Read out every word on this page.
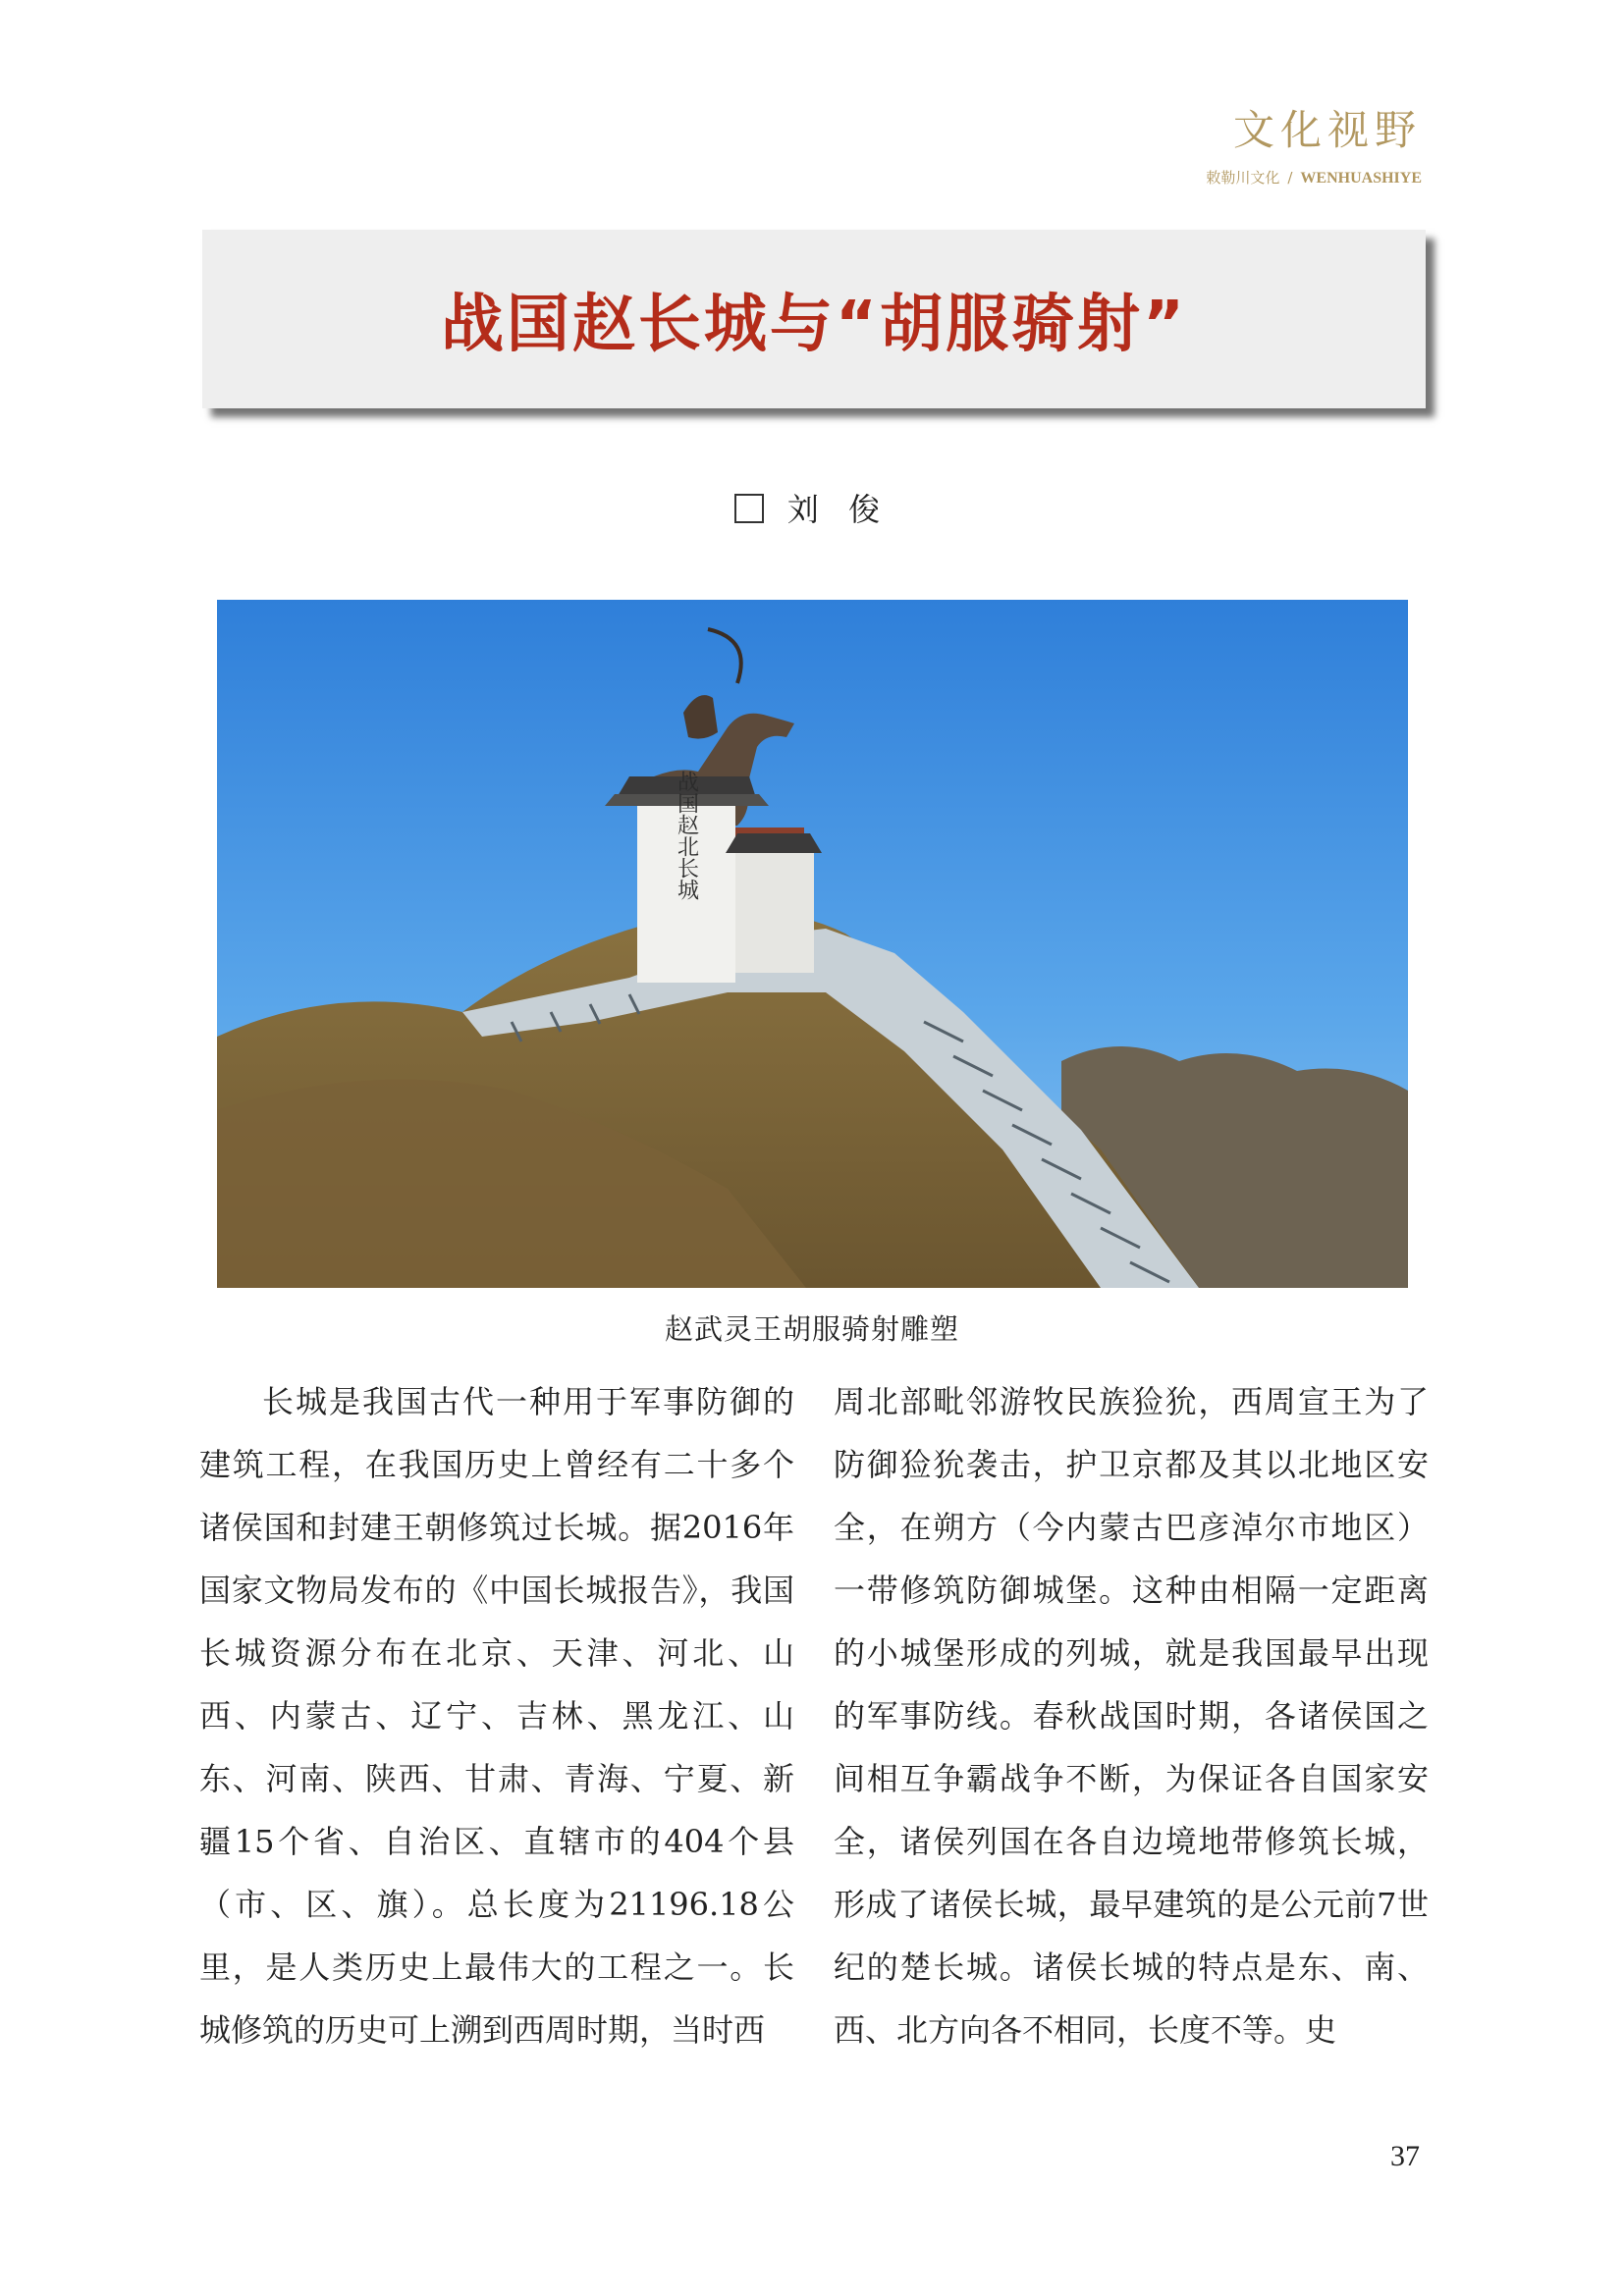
文化视野
敕勒川文化 / WENHUASHIYE
战国赵长城与“胡服骑射”
刘 俊
战国赵北长城
赵武灵王胡服骑射雕塑

长城是我国古代一种用于军事防御的建筑工程，在我国历史上曾经有二十多个诸侯国和封建王朝修筑过长城。据2016年国家文物局发布的《中国长城报告》，我国长城资源分布在北京、天津、河北、山西、内蒙古、辽宁、吉林、黑龙江、山东、河南、陕西、甘肃、青海、宁夏、新疆15个省、自治区、直辖市的404个县（市、区、旗）。总长度为21196.18公里，是人类历史上最伟大的工程之一。长城修筑的历史可上溯到西周时期，当时西

周北部毗邻游牧民族猃狁，西周宣王为了防御猃狁袭击，护卫京都及其以北地区安全，在朔方（今内蒙古巴彦淖尔市地区）一带修筑防御城堡。这种由相隔一定距离的小城堡形成的列城，就是我国最早出现的军事防线。春秋战国时期，各诸侯国之间相互争霸战争不断，为保证各自国家安全，诸侯列国在各自边境地带修筑长城，形成了诸侯长城，最早建筑的是公元前7世纪的楚长城。诸侯长城的特点是东、南、西、北方向各不相同，长度不等。史

37
